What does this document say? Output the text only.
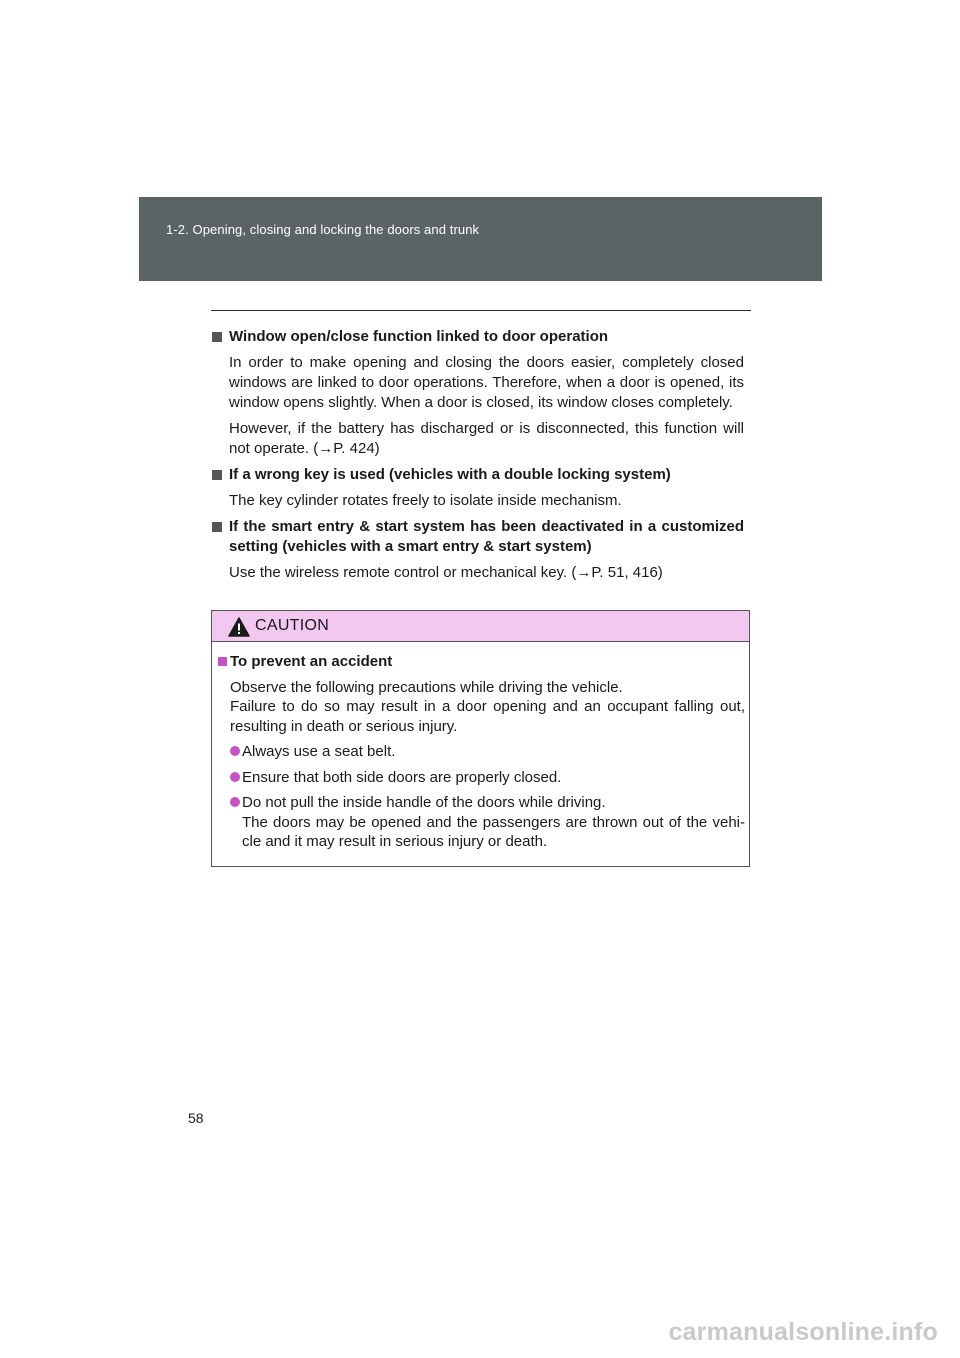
1-2. Opening, closing and locking the doors and trunk

Window open/close function linked to door operation

In order to make opening and closing the doors easier, completely closed windows are linked to door operations. Therefore, when a door is opened, its window opens slightly. When a door is closed, its window closes completely.

However, if the battery has discharged or is disconnected, this function will not operate. (→P. 424)

If a wrong key is used (vehicles with a double locking system)

The key cylinder rotates freely to isolate inside mechanism.

If the smart entry & start system has been deactivated in a customized setting (vehicles with a smart entry & start system)

Use the wireless remote control or mechanical key. (→P. 51, 416)

CAUTION

To prevent an accident

Observe the following precautions while driving the vehicle.
Failure to do so may result in a door opening and an occupant falling out, resulting in death or serious injury.

Always use a seat belt.
Ensure that both side doors are properly closed.
Do not pull the inside handle of the doors while driving.
The doors may be opened and the passengers are thrown out of the vehi-cle and it may result in serious injury or death.
58
carmanualsonline.info
